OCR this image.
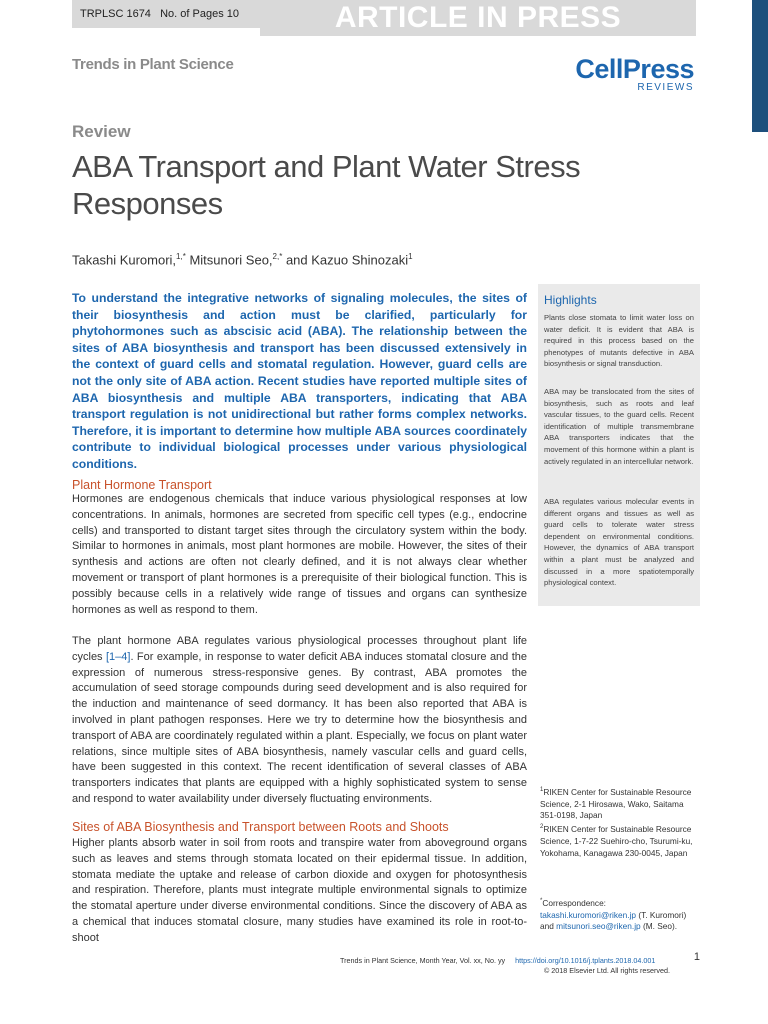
TRPLSC 1674 No. of Pages 10	ARTICLE IN PRESS
Trends in Plant Science	CellPress
REVIEWS
Review
ABA Transport and Plant Water Stress
Responses
Takashi Kuromori,$^{1,*}$ Mitsunori Seo,$^{2,*}$ and Kazuo Shinozaki$^1$
To understand the integrative networks of signaling molecules, the sites of their biosynthesis and action must be clarified, particularly for phytohormones such as abscisic acid (ABA). The relationship between the sites of ABA biosynthesis and transport has been discussed extensively in the context of guard cells and stomatal regulation. However, guard cells are not the only site of ABA action. Recent studies have reported multiple sites of ABA biosynthesis and multiple ABA transporters, indicating that ABA transport regulation is not unidirectional but rather forms complex networks. Therefore, it is important to determine how multiple ABA sources coordinately contribute to individual biological processes under various physiological conditions.
Plant Hormone Transport
Hormones are endogenous chemicals that induce various physiological responses at low concentrations. In animals, hormones are secreted from specific cell types (e.g., endocrine cells) and transported to distant target sites through the circulatory system within the body. Similar to hormones in animals, most plant hormones are mobile. However, the sites of their synthesis and actions are often not clearly defined, and it is not always clear whether movement or transport of plant hormones is a prerequisite of their biological function. This is possibly because cells in a relatively wide range of tissues and organs can synthesize hormones as well as respond to them.
The plant hormone ABA regulates various physiological processes throughout plant life cycles [1–4]. For example, in response to water deficit ABA induces stomatal closure and the expression of numerous stress-responsive genes. By contrast, ABA promotes the accumulation of seed storage compounds during seed development and is also required for the induction and maintenance of seed dormancy. It has been also reported that ABA is involved in plant pathogen responses. Here we try to determine how the biosynthesis and transport of ABA are coordinately regulated within a plant. Especially, we focus on plant water relations, since multiple sites of ABA biosynthesis, namely vascular cells and guard cells, have been suggested in this context. The recent identification of several classes of ABA transporters indicates that plants are equipped with a highly sophisticated system to sense and respond to water availability under diversely fluctuating environments.
Sites of ABA Biosynthesis and Transport between Roots and Shoots
Higher plants absorb water in soil from roots and transpire water from aboveground organs such as leaves and stems through stomata located on their epidermal tissue. In addition, stomata mediate the uptake and release of carbon dioxide and oxygen for photosynthesis and respiration. Therefore, plants must integrate multiple environmental signals to optimize the stomatal aperture under diverse environmental conditions. Since the discovery of ABA as a chemical that induces stomatal closure, many studies have examined its role in root-to-shoot
Highlights
Plants close stomata to limit water loss on water deficit. It is evident that ABA is required in this process based on the phenotypes of mutants defective in ABA biosynthesis or signal transduction.
ABA may be translocated from the sites of biosynthesis, such as roots and leaf vascular tissues, to the guard cells. Recent identification of multiple transmembrane ABA transporters indicates that the movement of this hormone within a plant is actively regulated in an intercellular network.
ABA regulates various molecular events in different organs and tissues as well as guard cells to tolerate water stress dependent on environmental conditions. However, the dynamics of ABA transport within a plant must be analyzed and discussed in a more spatiotemporally physiological context.
$^1$RIKEN Center for Sustainable Resource Science, 2-1 Hirosawa, Wako, Saitama 351-0198, Japan
$^2$RIKEN Center for Sustainable Resource Science, 1-7-22 Suehiro-cho, Tsurumi-ku, Yokohama, Kanagawa 230-0045, Japan
*Correspondence:
takashi.kuromori@riken.jp (T. Kuromori)
and mitsunori.seo@riken.jp (M. Seo).
Trends in Plant Science, Month Year, Vol. xx, No. yy https://doi.org/10.1016/j.tplants.2018.04.001	1
© 2018 Elsevier Ltd. All rights reserved.
